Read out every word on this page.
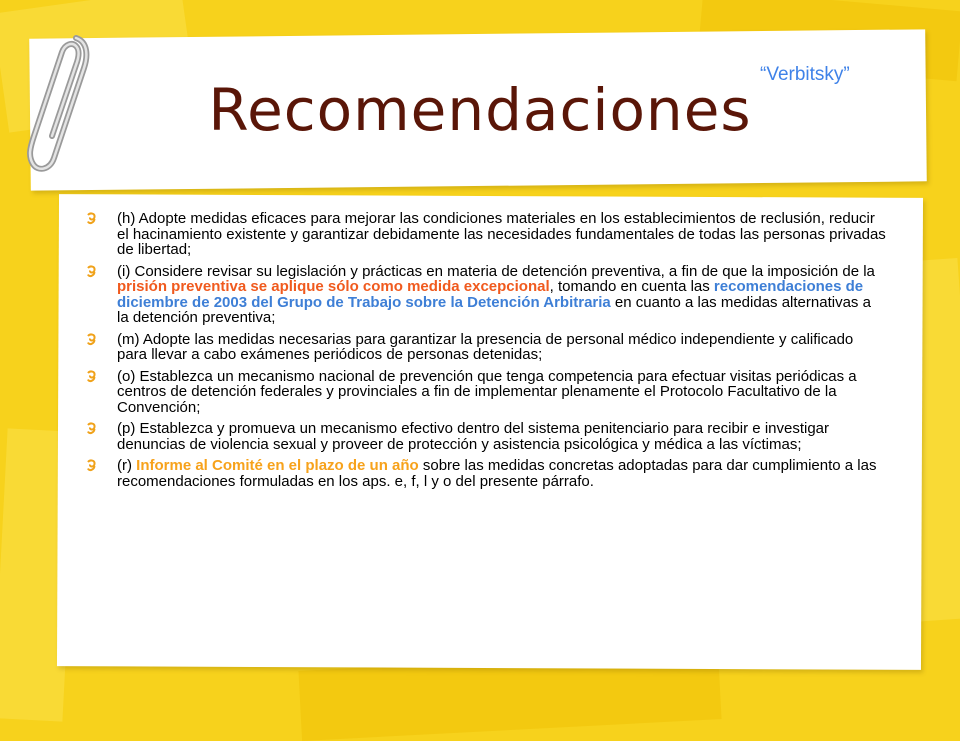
Recomendaciones
“Verbitsky”
(h) Adopte medidas eficaces para mejorar las condiciones materiales en los establecimientos de reclusión, reducir el hacinamiento existente y garantizar debidamente las necesidades fundamentales de todas las personas privadas de libertad;
(i) Considere revisar su legislación y prácticas en materia de detención preventiva, a fin de que la imposición de la prisión preventiva se aplique sólo como medida excepcional, tomando en cuenta las recomendaciones de diciembre de 2003 del Grupo de Trabajo sobre la Detención Arbitraria en cuanto a las medidas alternativas a la detención preventiva;
(m) Adopte las medidas necesarias para garantizar la presencia de personal médico independiente y calificado para llevar a cabo exámenes periódicos de personas detenidas;
(o) Establezca un mecanismo nacional de prevención que tenga competencia para efectuar visitas periódicas a centros de detención federales y provinciales a fin de implementar plenamente el Protocolo Facultativo de la Convención;
(p) Establezca y promueva un mecanismo efectivo dentro del sistema penitenciario para recibir e investigar denuncias de violencia sexual y proveer de protección y asistencia psicológica y médica a las víctimas;
(r) Informe al Comité en el plazo de un año sobre las medidas concretas adoptadas para dar cumplimiento a las recomendaciones formuladas en los aps. e, f, l y o del presente párrafo.
